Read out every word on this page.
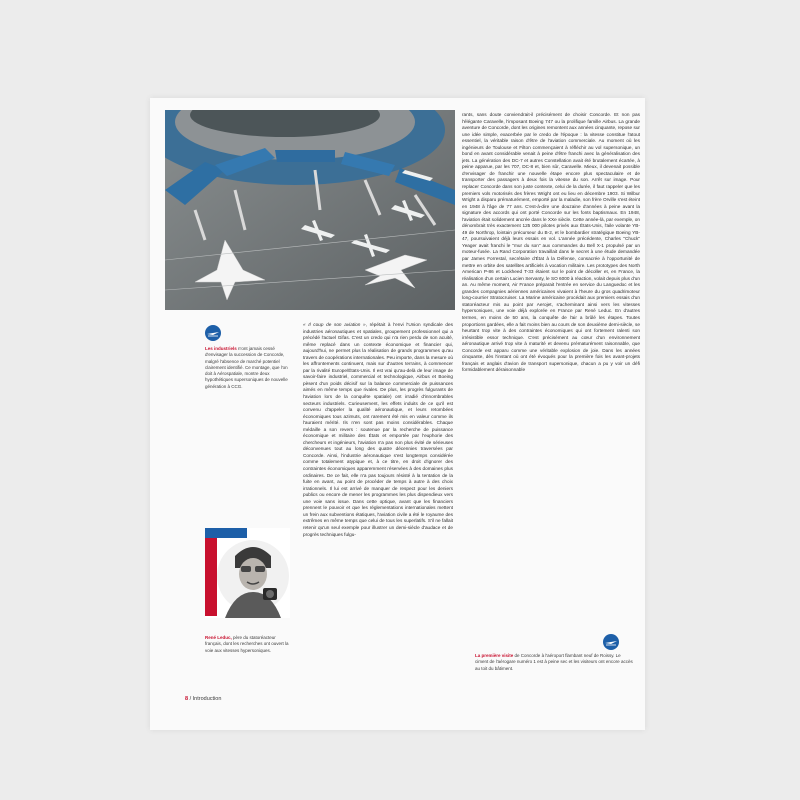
Les industriels n'ont jamais cessé d'envisager la succession de Concorde, malgré l'absence de marché potentiel clairement identifié. Ce montage, que l'on doit à Aérospatiale, montre deux hypothétiques supersoniques de nouvelle génération à CCG.
René Leduc, père du statoréacteur français, dont les recherches ont ouvert la voie aux vitesses hypersoniques.

« Il coup de son aviation », répétait à l'envi l'Union syndicale des industries aéronautiques et spatiales, groupement professionnel qui a précédé l'actuel Gifas. C'est un credo qui n'a rien perdu de son acuité, même replacé dans un contexte économique et financier qui, aujourd'hui, ne permet plus la réalisation de grands programmes qu'au travers de coopérations internationales. Peu importe, dans la mesure où les affrontements continuent, mais sur d'autres terrains, à commencer par la rivalité Europe/États-Unis. Il est vrai qu'au-delà de leur image de savoir-faire industriel, commercial et technologique, Airbus et Boeing pèsent d'un poids décisif sur la balance commerciale de puissances aimés en même temps que rivales. De plus, les progrès fulgurants de l'aviation lors de la conquête spatiale) ont irradié d'innombrables secteurs industriels. Curieusement, les effets induits de ce qu'il est convenu d'appeler la qualité aéronautique, et leurs retombées économiques tous azimuts, ont rarement été mis en valeur comme ils l'auraient mérité. Ils n'en sont pas moins considérables. Chaque médaille a son revers : soutenue par la recherche de puissance économique et militaire des États et emportée par l'euphorie des chercheurs et ingénieurs, l'aviation n'a pas non plus évité de sérieuses déconvenues tout au long des quatre décennies traversées par Concorde. Ainsi, l'industrie aéronautique s'est longtemps considérée comme totalement atypique et, à ce titre, en droit d'ignorer des contraintes économiques apparemment réservées à des domaines plus ordinaires. De ce fait, elle n'a pas toujours résisté à la tentation de la fuite en avant, au point de procéder de temps à autre à des choix irrationnels. Il lui est arrivé de manquer de respect pour les deniers publics ou encore de mener les programmes les plus dispendieux vers une voie sans issue. Dans cette optique, avant que les financiers prennent le pouvoir et que les réglementations internationales mettent un frein aux subventions étatiques, l'aviation civile a été le royaume des extrêmes en même temps que celui de tous les superlatifs. S'il ne fallait retenir qu'un seul exemple pour illustrer un demi-siècle d'audace et de progrès techniques fulgu-

rants, sans doute conviendrait-il précisément de choisir Concorde. Et non pas l'élégante Caravelle, l'imposant Boeing 747 ou la prolifique famille Airbus. La grande aventure de Concorde, dont les origines remontent aux années cinquante, repose sur une idée simple, exacerbée par le credo de l'époque : la vitesse constitue l'atout essentiel, la véritable raison d'être de l'aviation commerciale. Au moment où les ingénieurs de Toulouse et Filton commençaient à réfléchir au vol supersonique, un bond en avant considérable venait à peine d'être franchi avec la généralisation des jets. La génération des DC-7 et autres Constellation avait été brutalement écartée, à peine apparue, par les 707, DC-8 et, bien sûr, Caravelle. Mieux, il devenait possible d'envisager de franchir une nouvelle étape encore plus spectaculaire et de transporter des passagers à deux fois la vitesse du son. Arrêt sur image. Pour replacer Concorde dans son juste contexte, celui de la durée, il faut rappeler que les premiers vols motorisés des frères Wright ont eu lieu en décembre 1903. Si Wilbur Wright a disparu prématurément, emporté par la maladie, son frère Orville s'est éteint en 1948 à l'âge de 77 ans. C'est-à-dire une douzaine d'années à peine avant la signature des accords qui ont porté Concorde sur les fonts baptismaux. En 1948, l'aviation était solidement ancrée dans le XXe siècle. Cette année-là, par exemple, on dénombrait très exactement 125 000 pilotes privés aux États-Unis, l'aile volante YB-49 de Northrop, lointain précurseur du B-2, et le bombardier stratégique Boeing YB-47, poursuivaient déjà leurs essais en vol. L'année précédente, Charles "Chuck" Yeager avait franchi le "mur du son" aux commandes du Bell X-1 propulsé par un moteur-fusée. La Rand Corporation travaillait dans le secret à une étude demandée par James Forrestal, secrétaire d'État à la Défense, consacrée à l'opportunité de mettre en orbite des satellites artificiels à vocation militaire. Les prototypes des North American P-86 et Lockheed T-33 étaient sur le point de décoller et, en France, la réalisation d'un certain Lucien Servanty, le SO 6000 à réaction, volait depuis plus d'un an. Au même moment, Air France préparait l'entrée en service du Languedoc et les grandes compagnies aériennes américaines vivaient à l'heure du gros quadrimoteur long-courrier Stratocruiser. La Marine américaine procédait aux premiers essais d'un statoréacteur mis au point par Aerojet, s'acheminant ainsi vers les vitesses hypersoniques, une voie déjà explorée en France par René Leduc. En d'autres termes, en moins de 50 ans, la conquête de l'air a brûlé les étapes. Toutes proportions gardées, elle a fait moins bien au cours de son deuxième demi-siècle, se heurtant trop vite à des contraintes économiques qui ont fortement ralenti son irrésistible essor technique. C'est précisément au cœur d'un environnement aéronautique arrivé trop vite à maturité et devenu prématurément raisonnable, que Concorde est apparu comme une véritable explosion de joie. Dans les années cinquante, dès l'instant où ont été évoqués pour la première fois les avant-projets français et anglais d'avion de transport supersonique, chacun a pu y voir un défi formidablement déraisonnable

La première visite de Concorde à l'aéroport flambant neuf de Roissy. Le ciment de l'aérogare numéro 1 est à peine sec et les visiteurs ont encore accès au toit du bâtiment.
8 / Introduction
